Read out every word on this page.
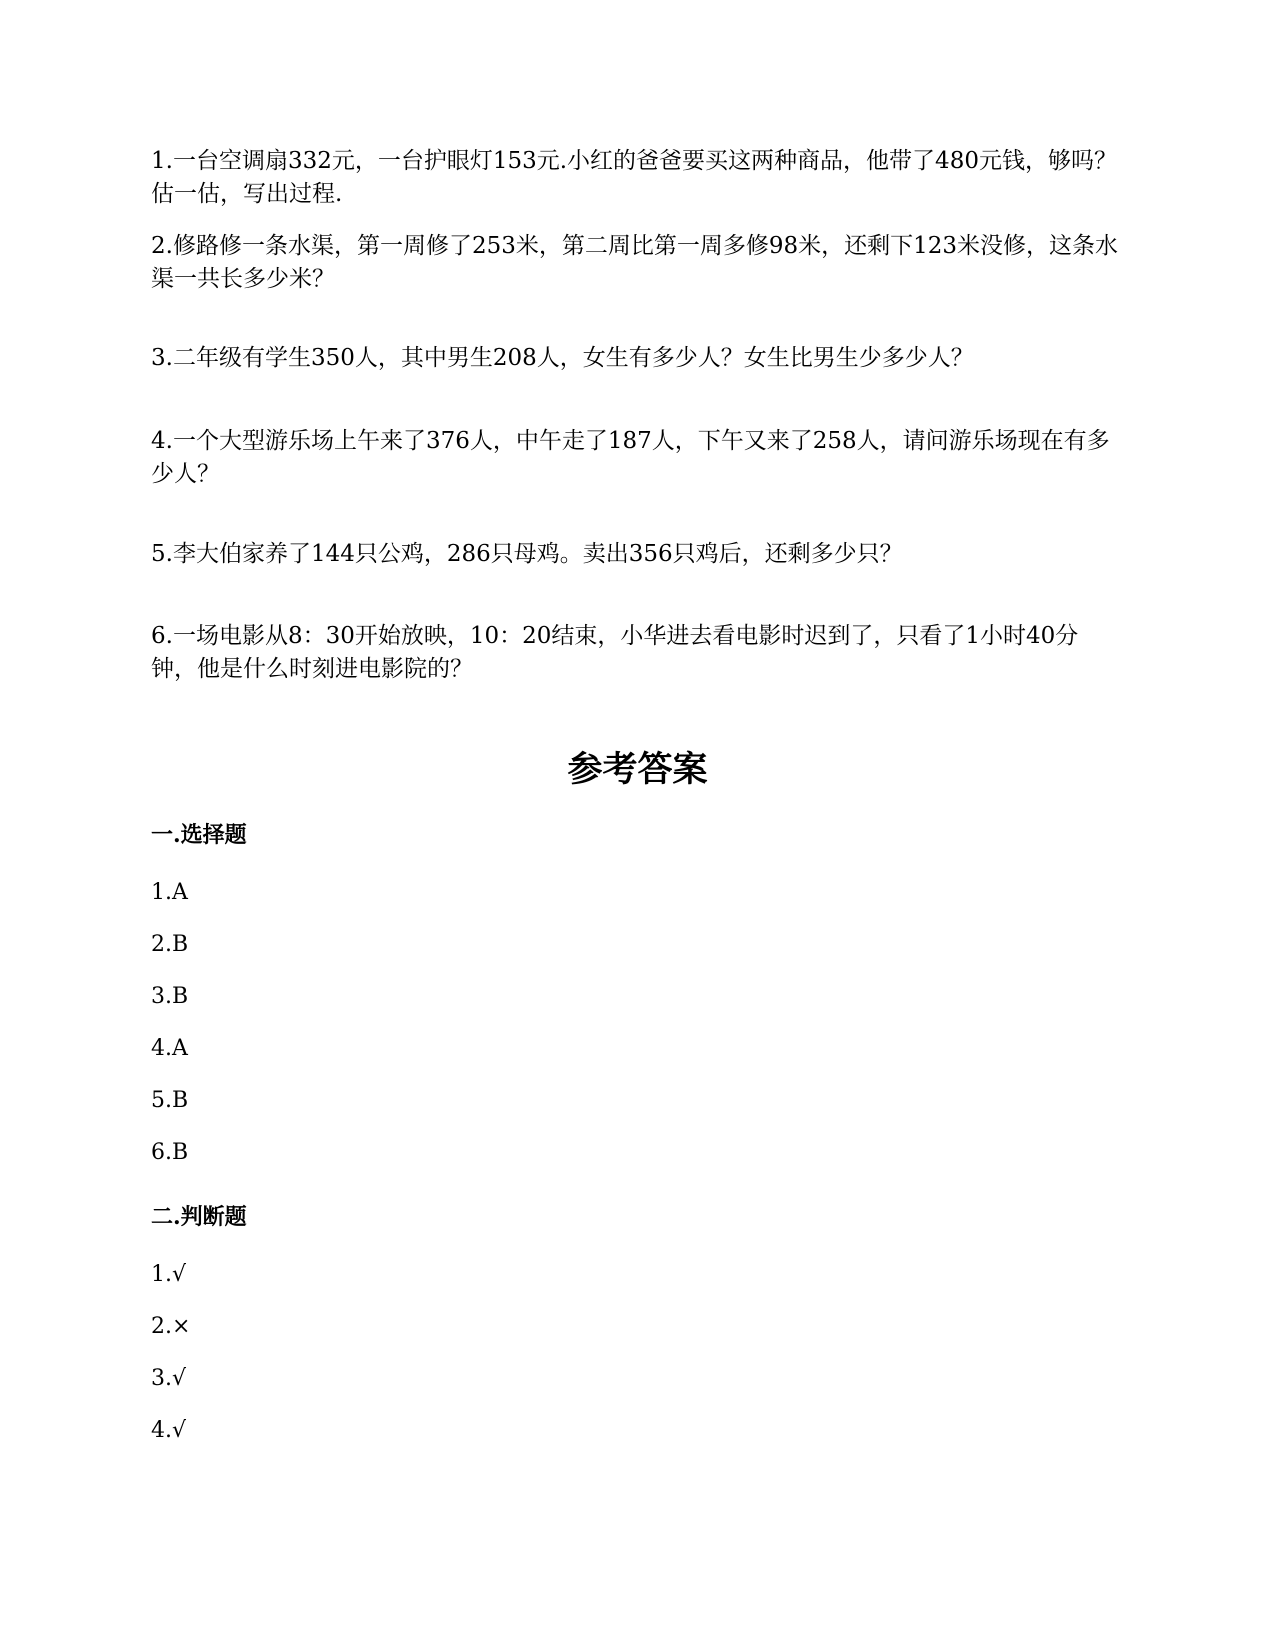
1.一台空调扇332元，一台护眼灯153元.小红的爸爸要买这两种商品，他带了480元钱，够吗？估一估，写出过程.

2.修路修一条水渠，第一周修了253米，第二周比第一周多修98米，还剩下123米没修，这条水渠一共长多少米？

3.二年级有学生350人，其中男生208人，女生有多少人？女生比男生少多少人？

4.一个大型游乐场上午来了376人，中午走了187人，下午又来了258人，请问游乐场现在有多少人？

5.李大伯家养了144只公鸡，286只母鸡。卖出356只鸡后，还剩多少只？

6.一场电影从8：30开始放映，10：20结束，小华进去看电影时迟到了，只看了1小时40分钟，他是什么时刻进电影院的？

参考答案
一.选择题

1.A

2.B

3.B

4.A

5.B

6.B

二.判断题

1.√

2.×

3.√

4.√
